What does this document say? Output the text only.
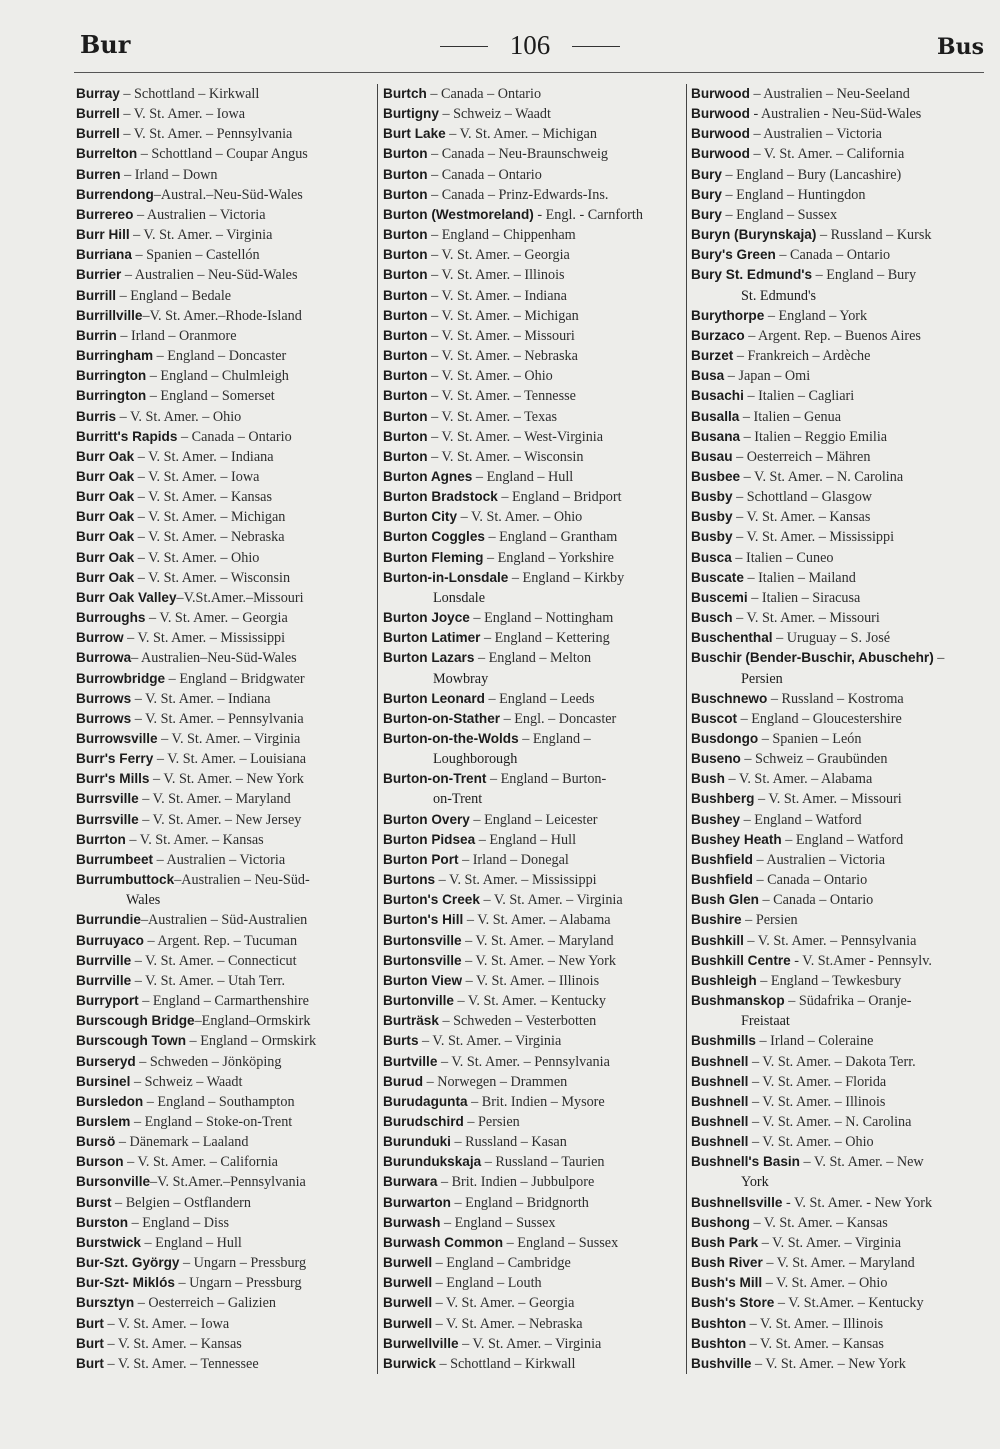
Bur	106	Bus
Burray – Schottland – Kirkwall
Burrell – V. St. Amer. – Iowa
Burrell – V. St. Amer. – Pennsylvania
Burrelton – Schottland – Coupar Angus
Burren – Irland – Down
Burrendong–Austral.–Neu-Süd-Wales
Burrereo – Australien – Victoria
Burr Hill – V. St. Amer. – Virginia
Burriana – Spanien – Castellón
Burrier – Australien – Neu-Süd-Wales
Burrill – England – Bedale
Burrillville–V. St. Amer.–Rhode-Island
Burrin – Irland – Oranmore
Burringham – England – Doncaster
Burrington – England – Chulmleigh
Burrington – England – Somerset
Burris – V. St. Amer. – Ohio
Burritt's Rapids – Canada – Ontario
Burr Oak – V. St. Amer. – Indiana
Burr Oak – V. St. Amer. – Iowa
Burr Oak – V. St. Amer. – Kansas
Burr Oak – V. St. Amer. – Michigan
Burr Oak – V. St. Amer. – Nebraska
Burr Oak – V. St. Amer. – Ohio
Burr Oak – V. St. Amer. – Wisconsin
Burr Oak Valley–V.St.Amer.–Missouri
Burroughs – V. St. Amer. – Georgia
Burrow – V. St. Amer. – Mississippi
Burrowa– Australien–Neu-Süd-Wales
Burrowbridge – England – Bridgwater
Burrows – V. St. Amer. – Indiana
Burrows – V. St. Amer. – Pennsylvania
Burrowsville – V. St. Amer. – Virginia
Burr's Ferry – V. St. Amer. – Louisiana
Burr's Mills – V. St. Amer. – New York
Burrsville – V. St. Amer. – Maryland
Burrsville – V. St. Amer. – New Jersey
Burrton – V. St. Amer. – Kansas
Burrumbeet – Australien – Victoria
Burrumbuttock–Australien – Neu-Süd-
Wales
Burrundie–Australien – Süd-Australien
Burruyaco – Argent. Rep. – Tucuman
Burrville – V. St. Amer. – Connecticut
Burrville – V. St. Amer. – Utah Terr.
Burryport – England – Carmarthenshire
Burscough Bridge–England–Ormskirk
Burscough Town – England – Ormskirk
Burseryd – Schweden – Jönköping
Bursinel – Schweiz – Waadt
Bursledon – England – Southampton
Burslem – England – Stoke-on-Trent
Bursö – Dänemark – Laaland
Burson – V. St. Amer. – California
Bursonville–V. St.Amer.–Pennsylvania
Burst – Belgien – Ostflandern
Burston – England – Diss
Burstwick – England – Hull
Bur-Szt. György – Ungarn – Pressburg
Bur-Szt- Miklós – Ungarn – Pressburg
Bursztyn – Oesterreich – Galizien
Burt – V. St. Amer. – Iowa
Burt – V. St. Amer. – Kansas
Burt – V. St. Amer. – Tennessee
Burtch – Canada – Ontario
Burtigny – Schweiz – Waadt
Burt Lake – V. St. Amer. – Michigan
Burton – Canada – Neu-Braunschweig
Burton – Canada – Ontario
Burton – Canada – Prinz-Edwards-Ins.
Burton (Westmoreland) - Engl. - Carnforth
Burton – England – Chippenham
Burton – V. St. Amer. – Georgia
Burton – V. St. Amer. – Illinois
Burton – V. St. Amer. – Indiana
Burton – V. St. Amer. – Michigan
Burton – V. St. Amer. – Missouri
Burton – V. St. Amer. – Nebraska
Burton – V. St. Amer. – Ohio
Burton – V. St. Amer. – Tennesse
Burton – V. St. Amer. – Texas
Burton – V. St. Amer. – West-Virginia
Burton – V. St. Amer. – Wisconsin
Burton Agnes – England – Hull
Burton Bradstock – England – Bridport
Burton City – V. St. Amer. – Ohio
Burton Coggles – England – Grantham
Burton Fleming – England – Yorkshire
Burton-in-Lonsdale – England – Kirkby
Lonsdale
Burton Joyce – England – Nottingham
Burton Latimer – England – Kettering
Burton Lazars – England – Melton
Mowbray
Burton Leonard – England – Leeds
Burton-on-Stather – Engl. – Doncaster
Burton-on-the-Wolds – England –
Loughborough
Burton-on-Trent – England – Burton-
on-Trent
Burton Overy – England – Leicester
Burton Pidsea – England – Hull
Burton Port – Irland – Donegal
Burtons – V. St. Amer. – Mississippi
Burton's Creek – V. St. Amer. – Virginia
Burton's Hill – V. St. Amer. – Alabama
Burtonsville – V. St. Amer. – Maryland
Burtonsville – V. St. Amer. – New York
Burton View – V. St. Amer. – Illinois
Burtonville – V. St. Amer. – Kentucky
Burträsk – Schweden – Vesterbotten
Burts – V. St. Amer. – Virginia
Burtville – V. St. Amer. – Pennsylvania
Burud – Norwegen – Drammen
Burudagunta – Brit. Indien – Mysore
Burudschird – Persien
Burunduki – Russland – Kasan
Burundukskaja – Russland – Taurien
Burwara – Brit. Indien – Jubbulpore
Burwarton – England – Bridgnorth
Burwash – England – Sussex
Burwash Common – England – Sussex
Burwell – England – Cambridge
Burwell – England – Louth
Burwell – V. St. Amer. – Georgia
Burwell – V. St. Amer. – Nebraska
Burwellville – V. St. Amer. – Virginia
Burwick – Schottland – Kirkwall
Burwood – Australien – Neu-Seeland
Burwood - Australien - Neu-Süd-Wales
Burwood – Australien – Victoria
Burwood – V. St. Amer. – California
Bury – England – Bury (Lancashire)
Bury – England – Huntingdon
Bury – England – Sussex
Buryn (Burynskaja) – Russland – Kursk
Bury's Green – Canada – Ontario
Bury St. Edmund's – England – Bury
St. Edmund's
Burythorpe – England – York
Burzaco – Argent. Rep. – Buenos Aires
Burzet – Frankreich – Ardèche
Busa – Japan – Omi
Busachi – Italien – Cagliari
Busalla – Italien – Genua
Busana – Italien – Reggio Emilia
Busau – Oesterreich – Mähren
Busbee – V. St. Amer. – N. Carolina
Busby – Schottland – Glasgow
Busby – V. St. Amer. – Kansas
Busby – V. St. Amer. – Mississippi
Busca – Italien – Cuneo
Buscate – Italien – Mailand
Buscemi – Italien – Siracusa
Busch – V. St. Amer. – Missouri
Buschenthal – Uruguay – S. José
Buschir (Bender-Buschir, Abuschehr) –
Persien
Buschnewo – Russland – Kostroma
Buscot – England – Gloucestershire
Busdongo – Spanien – León
Buseno – Schweiz – Graubünden
Bush – V. St. Amer. – Alabama
Bushberg – V. St. Amer. – Missouri
Bushey – England – Watford
Bushey Heath – England – Watford
Bushfield – Australien – Victoria
Bushfield – Canada – Ontario
Bush Glen – Canada – Ontario
Bushire – Persien
Bushkill – V. St. Amer. – Pennsylvania
Bushkill Centre - V. St.Amer - Pennsylv.
Bushleigh – England – Tewkesbury
Bushmanskop – Südafrika – Oranje-
Freistaat
Bushmills – Irland – Coleraine
Bushnell – V. St. Amer. – Dakota Terr.
Bushnell – V. St. Amer. – Florida
Bushnell – V. St. Amer. – Illinois
Bushnell – V. St. Amer. – N. Carolina
Bushnell – V. St. Amer. – Ohio
Bushnell's Basin – V. St. Amer. – New
York
Bushnellsville - V. St. Amer. - New York
Bushong – V. St. Amer. – Kansas
Bush Park – V. St. Amer. – Virginia
Bush River – V. St. Amer. – Maryland
Bush's Mill – V. St. Amer. – Ohio
Bush's Store – V. St.Amer. – Kentucky
Bushton – V. St. Amer. – Illinois
Bushton – V. St. Amer. – Kansas
Bushville – V. St. Amer. – New York
